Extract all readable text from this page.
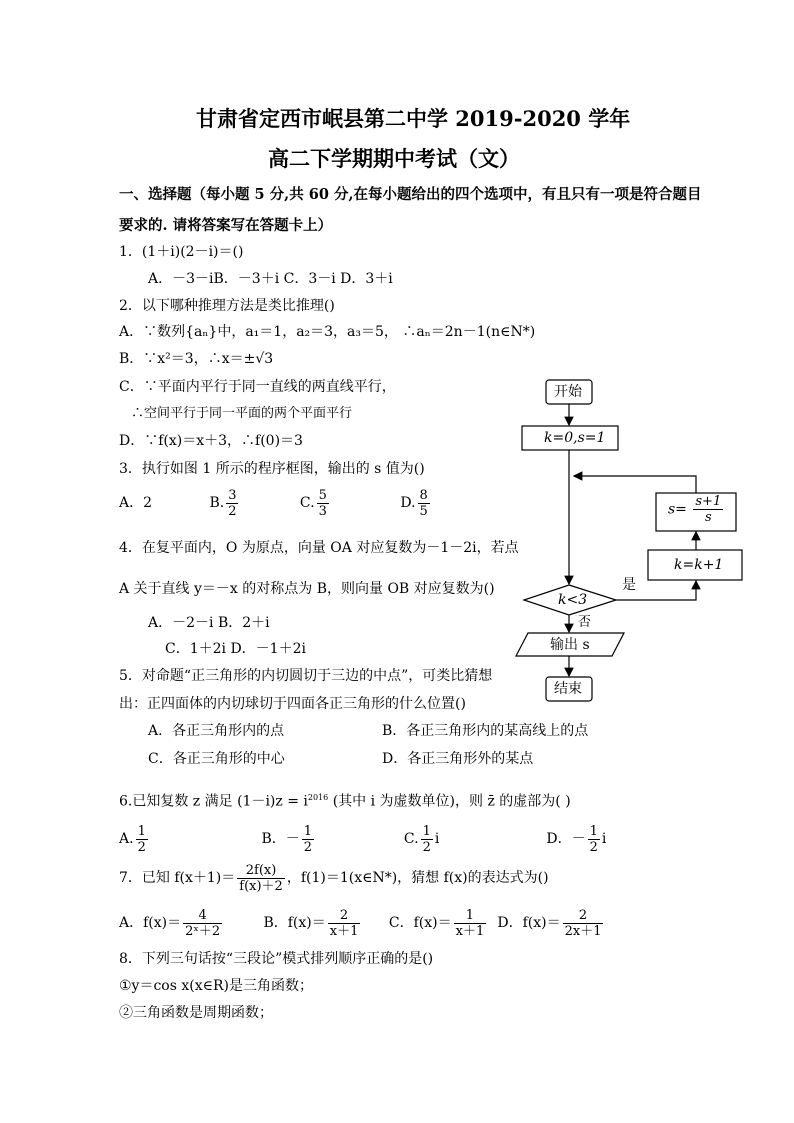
甘肃省定西市岷县第二中学 2019-2020 学年
高二下学期期中考试（文）
一、选择题（每小题 5 分,共 60 分,在每小题给出的四个选项中，有且只有一项是符合题目
要求的. 请将答案写在答题卡上）
1．(1＋i)(2－i)＝()
A．－3－iB．－3＋i C．3－i D．3＋i
2．以下哪种推理方法是类比推理()
A．∵数列{aₙ}中，a₁＝1，a₂＝3，a₃＝5， ∴aₙ＝2n－1(n∈N*)
B．∵x²＝3，∴x＝±√3
C．∵平面内平行于同一直线的两直线平行，
∴空间平行于同一平面的两个平面平行
D．∵f(x)＝x＋3，∴f(0)＝3
3．执行如图 1 所示的程序框图，输出的 s 值为()
A．2	B. $\frac{3}{2}$	C. $\frac{5}{3}$	D. $\frac{8}{5}$
4．在复平面内，O 为原点，向量 OA 对应复数为－1－2i，若点
A 关于直线 y＝－x 的对称点为 B，则向量 OB 对应复数为()
A．－2－i B．2＋i
C．1＋2i D．－1＋2i
5．对命题“正三角形的内切圆切于三边的中点”，可类比猜想
出：正四面体的内切球切于四面各正三角形的什么位置()
A．各正三角形内的点	B．各正三角形内的某高线上的点
C．各正三角形的中心	D．各正三角形外的某点
6.已知复数 z 满足 $(1-i)z = i^{2016}$ (其中 i 为虚数单位)，则 z̄ 的虚部为( )
A. $\frac{1}{2}$	B．－ $\frac{1}{2}$	C. $\frac{1}{2}$ i	D．－ $\frac{1}{2}$ i
7．已知 $f(x+1)= \frac{2f(x)}{f(x)+2}$ ，f(1)＝1(x∈N*)，猜想 f(x)的表达式为()
A．$f(x)= \frac{4}{\text{2ˣ＋2}}$	B．$f(x)= \frac{2}{x+1}$ C．$f(x)= \frac{1}{x+1}$ D．$f(x)= \frac{2}{2x+1}$
8．下列三句话按“三段论”模式排列顺序正确的是()
①y＝cos x(x∈R)是三角函数；
②三角函数是周期函数；
开始
k=0,s=1
$s= \frac{s+1}{s}$
k=k+1
k<3
是
否
输出 s
结束
